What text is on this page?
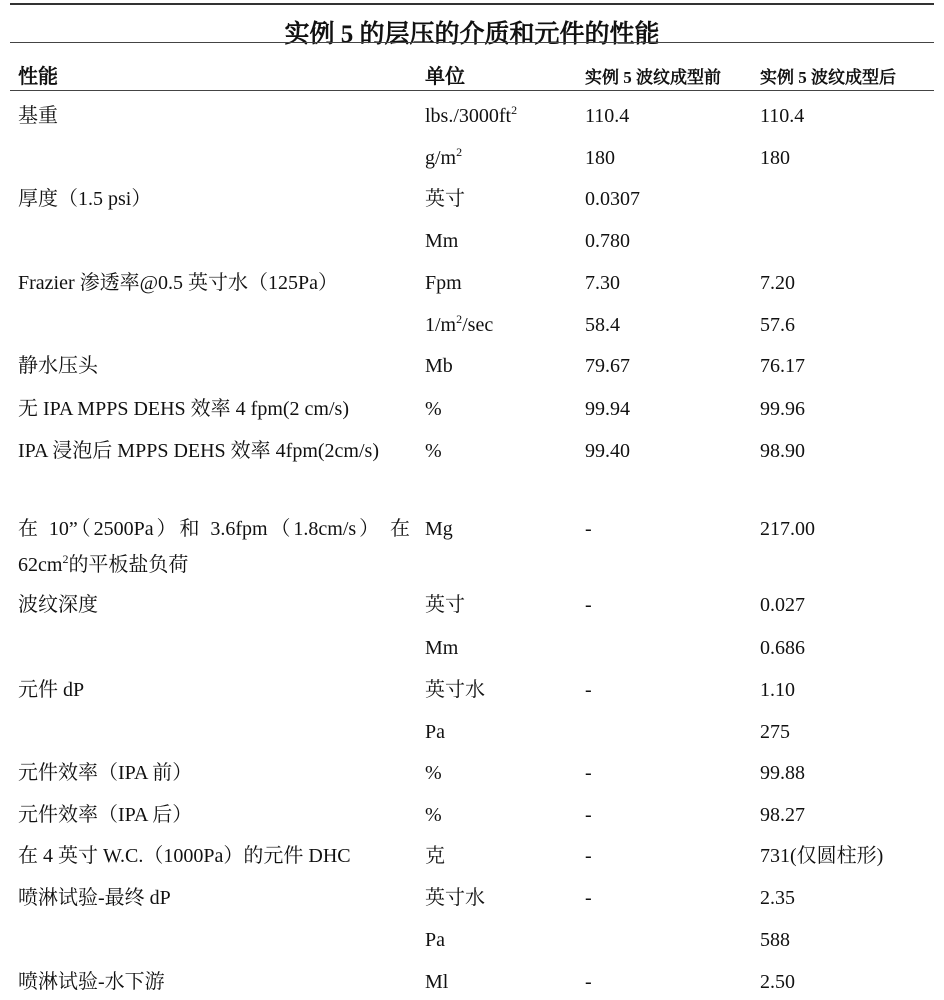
实例 5 的层压的介质和元件的性能
性能	单位	实例 5 波纹成型前 实例 5 波纹成型后
基重	lbs./3000ft2	110.4	110.4
g/m2	180	180
厚度（1.5 psi）	英寸	0.0307
Mm	0.780
Frazier 渗透率@0.5 英寸水（125Pa）	Fpm	7.30	7.20
1/m2/sec	58.4	57.6
静水压头	Mb	79.67	76.17
无 IPA MPPS DEHS 效率 4 fpm(2 cm/s)	%	99.94	99.96
IPA 浸泡后 MPPS DEHS 效率 4fpm(2cm/s)	%	99.40	98.90
在 10”（2500Pa）和 3.6fpm（1.8cm/s） 在 62cm2的平板盐负荷
Mg	-	217.00
波纹深度	英寸	-	0.027
Mm	0.686
元件 dP	英寸水	-	1.10
Pa	275
元件效率（IPA 前）	%	-	99.88
元件效率（IPA 后）	%	-	98.27
在 4 英寸 W.C.（1000Pa）的元件 DHC	克	-	731(仅圆柱形)
喷淋试验-最终 dP	英寸水	-	2.35
Pa	588
喷淋试验-水下游	Ml	-	2.50
